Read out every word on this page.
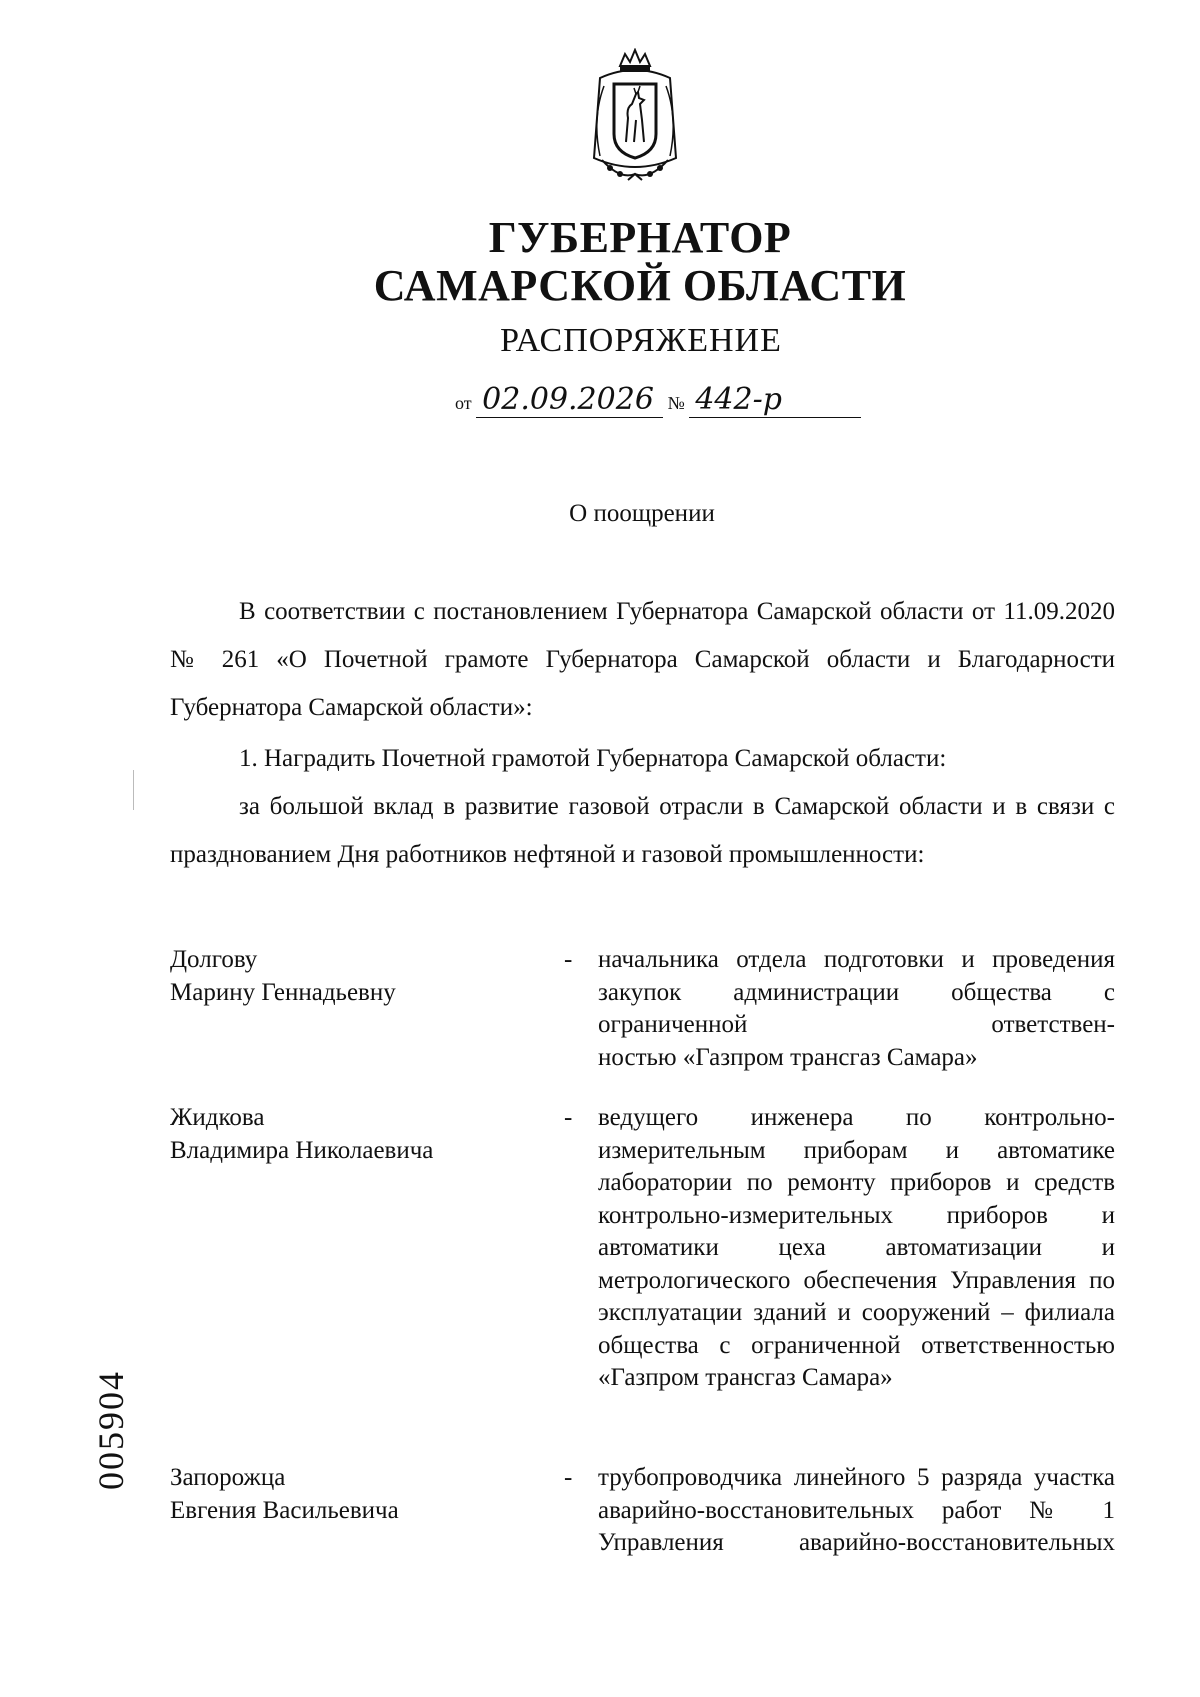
ГУБЕРНАТОР
САМАРСКОЙ ОБЛАСТИ
РАСПОРЯЖЕНИЕ
от 02.09.2026 № 442-р
О поощрении
В соответствии с постановлением Губернатора Самарской области от 11.09.2020 № 261 «О Почетной грамоте Губернатора Самарской области и Благодарности Губернатора Самарской области»:
1. Наградить Почетной грамотой Губернатора Самарской области:
за большой вклад в развитие газовой отрасли в Самарской области и в связи с празднованием Дня работников нефтяной и газовой промышленности:
Долгову
Марину Геннадьевну
- начальника отдела подготовки и проведения закупок администрации общества с ограниченной ответствен-
ностью «Газпром трансгаз Самара»
Жидкова
Владимира Николаевича
- ведущего инженера по контрольно-измерительным приборам и автоматике лаборатории по ремонту приборов и средств контрольно-измерительных приборов и автоматики цеха автоматизации и метрологического обеспечения Управления по эксплуатации зданий и сооружений – филиала общества с ограниченной ответственностью
«Газпром трансгаз Самара»
Запорожца
Евгения Васильевича
- трубопроводчика линейного 5 разряда участка аварийно-восстановительных работ № 1 Управления аварийно-восстановительных
005904
